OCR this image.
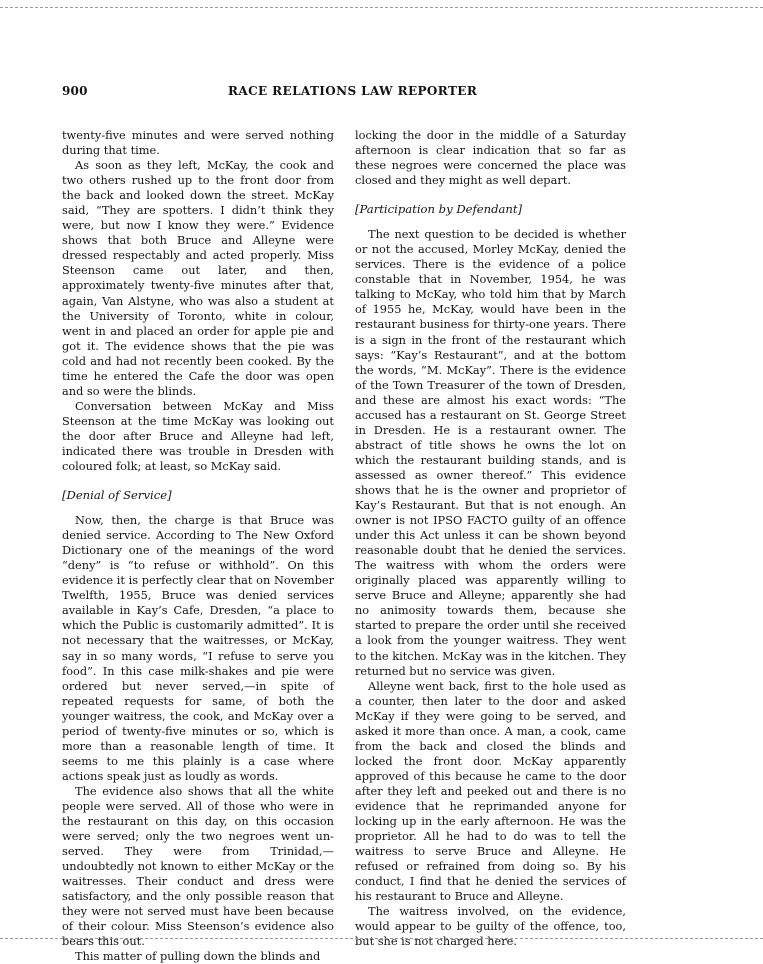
900	RACE RELATIONS LAW REPORTER

twenty-five minutes and were served nothing during that time.

As soon as they left, McKay, the cook and two others rushed up to the front door from the back and looked down the street. McKay said, “They are spotters. I didn’t think they were, but now I know they were.” Evidence shows that both Bruce and Alleyne were dressed respectably and acted properly. Miss Steenson came out later, and then, approximately twenty-five minutes after that, again, Van Alstyne, who was also a student at the University of Toronto, white in colour, went in and placed an order for apple pie and got it. The evidence shows that the pie was cold and had not recently been cooked. By the time he entered the Cafe the door was open and so were the blinds.

Conversation between McKay and Miss Steenson at the time McKay was looking out the door after Bruce and Alleyne had left, indicated there was trouble in Dresden with coloured folk; at least, so McKay said.

[Denial of Service]

Now, then, the charge is that Bruce was denied service. According to The New Oxford Dictionary one of the meanings of the word “deny” is “to refuse or withhold”. On this evidence it is perfectly clear that on November Twelfth, 1955, Bruce was denied services available in Kay’s Cafe, Dresden, “a place to which the Public is customarily admitted”. It is not necessary that the waitresses, or McKay, say in so many words, “I refuse to serve you food”. In this case milk-shakes and pie were ordered but never served,—in spite of repeated requests for same, of both the younger waitress, the cook, and McKay over a period of twenty-five minutes or so, which is more than a reasonable length of time. It seems to me this plainly is a case where actions speak just as loudly as words.

The evidence also shows that all the white people were served. All of those who were in the restaurant on this day, on this occasion were served; only the two negroes went un-served. They were from Trinidad,—undoubtedly not known to either McKay or the waitresses. Their conduct and dress were satisfactory, and the only possible reason that they were not served must have been because of their colour. Miss Steenson’s evidence also bears this out.

This matter of pulling down the blinds and

locking the door in the middle of a Saturday afternoon is clear indication that so far as these negroes were concerned the place was closed and they might as well depart.

[Participation by Defendant]

The next question to be decided is whether or not the accused, Morley McKay, denied the services. There is the evidence of a police constable that in November, 1954, he was talking to McKay, who told him that by March of 1955 he, McKay, would have been in the restaurant business for thirty-one years. There is a sign in the front of the restaurant which says: “Kay’s Restaurant”, and at the bottom the words, “M. McKay”. There is the evidence of the Town Treasurer of the town of Dresden, and these are almost his exact words: “The accused has a restaurant on St. George Street in Dresden. He is a restaurant owner. The abstract of title shows he owns the lot on which the restaurant building stands, and is assessed as owner thereof.” This evidence shows that he is the owner and proprietor of Kay’s Restaurant. But that is not enough. An owner is not IPSO FACTO guilty of an offence under this Act unless it can be shown beyond reasonable doubt that he denied the services. The waitress with whom the orders were originally placed was apparently willing to serve Bruce and Alleyne; apparently she had no animosity towards them, because she started to prepare the order until she received a look from the younger waitress. They went to the kitchen. McKay was in the kitchen. They returned but no service was given.

Alleyne went back, first to the hole used as a counter, then later to the door and asked McKay if they were going to be served, and asked it more than once. A man, a cook, came from the back and closed the blinds and locked the front door. McKay apparently approved of this because he came to the door after they left and peeked out and there is no evidence that he reprimanded anyone for locking up in the early afternoon. He was the proprietor. All he had to do was to tell the waitress to serve Bruce and Alleyne. He refused or refrained from doing so. By his conduct, I find that he denied the services of his restaurant to Bruce and Alleyne.

The waitress involved, on the evidence, would appear to be guilty of the offence, too, but she is not charged here.
